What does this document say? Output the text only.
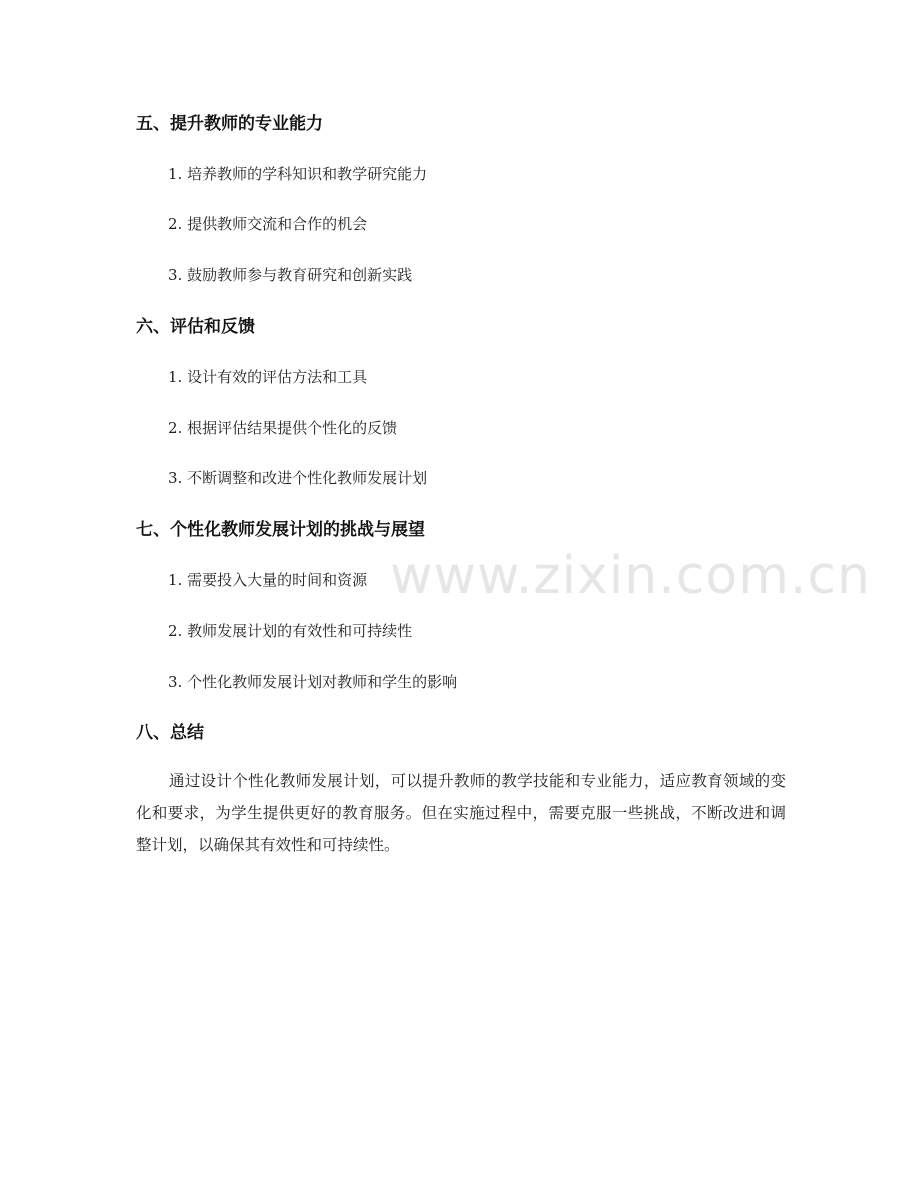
www.zixin.com.cn
五、提升教师的专业能力
1. 培养教师的学科知识和教学研究能力
2. 提供教师交流和合作的机会
3. 鼓励教师参与教育研究和创新实践
六、评估和反馈
1. 设计有效的评估方法和工具
2. 根据评估结果提供个性化的反馈
3. 不断调整和改进个性化教师发展计划
七、个性化教师发展计划的挑战与展望
1. 需要投入大量的时间和资源
2. 教师发展计划的有效性和可持续性
3. 个性化教师发展计划对教师和学生的影响
八、总结
通过设计个性化教师发展计划，可以提升教师的教学技能和专业能力，适应教育领域的变化和要求，为学生提供更好的教育服务。但在实施过程中，需要克服一些挑战，不断改进和调整计划，以确保其有效性和可持续性。
